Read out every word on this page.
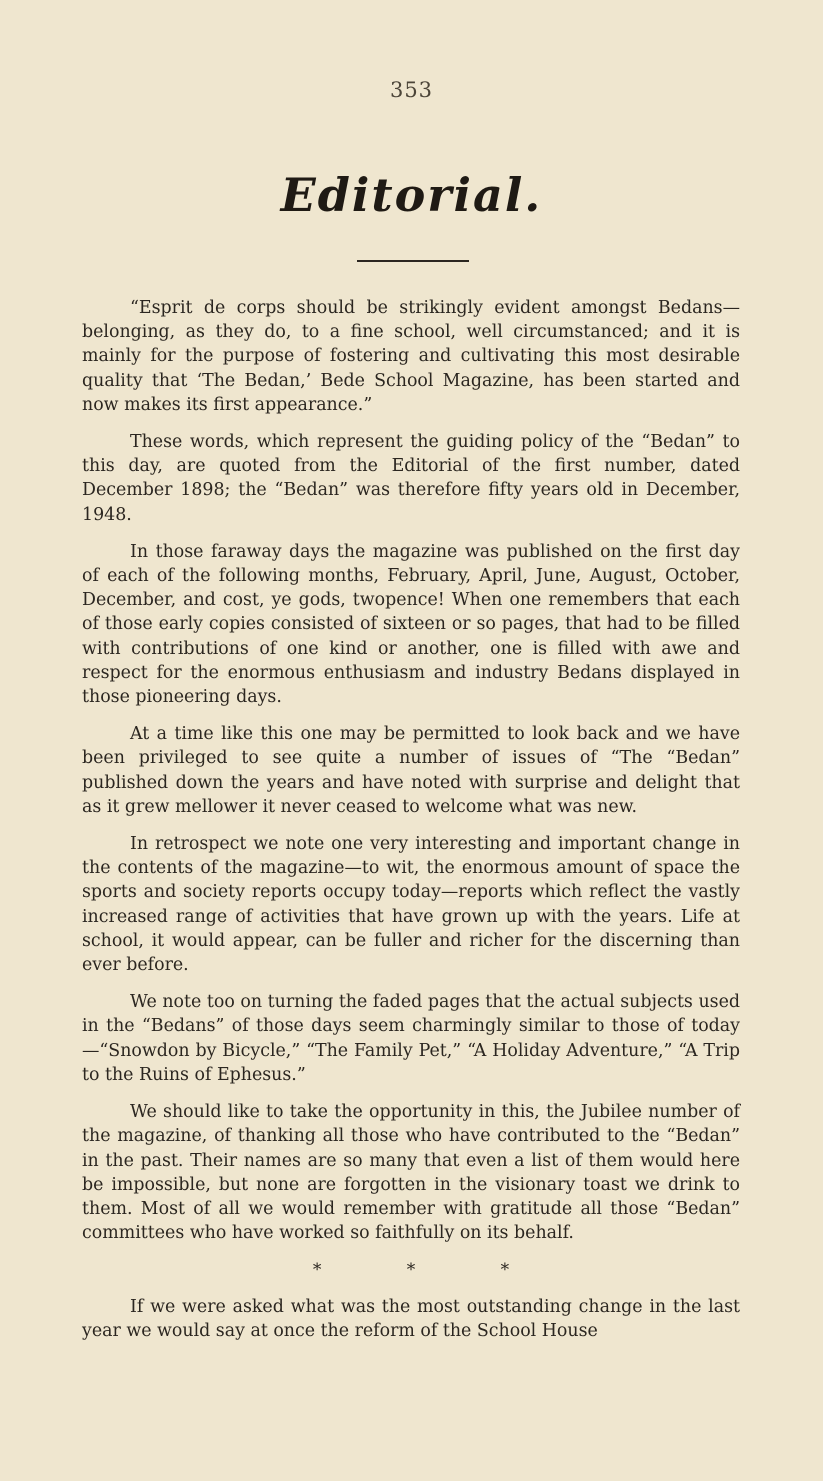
353
Editorial.

“Esprit de corps should be strikingly evident amongst Bedans—belonging, as they do, to a fine school, well circumstanced; and it is mainly for the purpose of fostering and cultivating this most desirable quality that ‘The Bedan,’ Bede School Magazine, has been started and now makes its first appearance.”

These words, which represent the guiding policy of the “Bedan” to this day, are quoted from the Editorial of the first number, dated December 1898; the “Bedan” was therefore fifty years old in December, 1948.

In those faraway days the magazine was published on the first day of each of the following months, February, April, June, August, October, December, and cost, ye gods, twopence! When one remembers that each of those early copies consisted of sixteen or so pages, that had to be filled with contributions of one kind or another, one is filled with awe and respect for the enormous enthusiasm and industry Bedans displayed in those pioneering days.

At a time like this one may be permitted to look back and we have been privileged to see quite a number of issues of “The “Bedan” published down the years and have noted with surprise and delight that as it grew mellower it never ceased to welcome what was new.

In retrospect we note one very interesting and important change in the contents of the magazine—to wit, the enormous amount of space the sports and society reports occupy today—reports which reflect the vastly increased range of activities that have grown up with the years. Life at school, it would appear, can be fuller and richer for the discerning than ever before.

We note too on turning the faded pages that the actual subjects used in the “Bedans” of those days seem charmingly similar to those of today—“Snowdon by Bicycle,” “The Family Pet,” “A Holiday Adventure,” “A Trip to the Ruins of Ephesus.”

We should like to take the opportunity in this, the Jubilee number of the magazine, of thanking all those who have contributed to the “Bedan” in the past. Their names are so many that even a list of them would here be impossible, but none are forgotten in the visionary toast we drink to them. Most of all we would remember with gratitude all those “Bedan” committees who have worked so faithfully on its behalf.

* * *

If we were asked what was the most outstanding change in the last year we would say at once the reform of the School House
